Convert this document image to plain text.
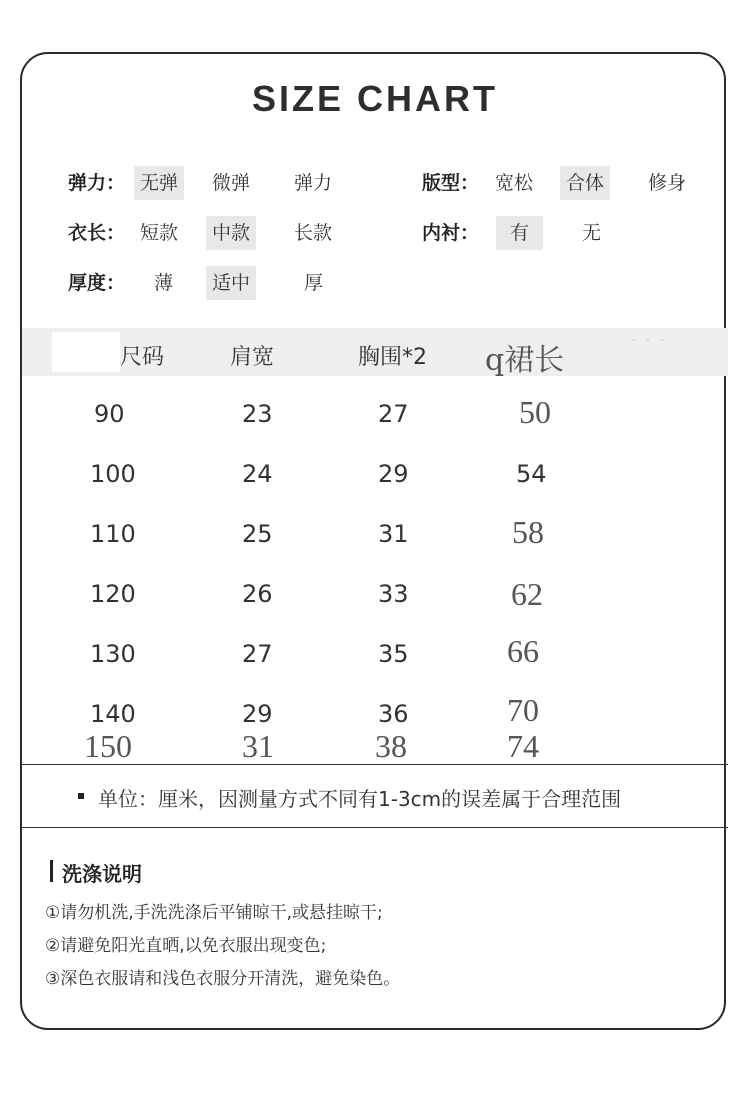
SIZE CHART
弹力： 无弹	微弹	弹力	版型： 宽松	合体	修身
衣长： 短款	中款	长款	内衬：	有	无
厚度：	薄	适中	厚
尺码	肩宽	胸围*2 q裙长
· · ·
90	23	27	50
100	24	29	54
110	25	31	58
120	26	33	62
130	27	35	66
140	29	36	70
150	31	38	74
单位：厘米，因测量方式不同有1-3cm的误差属于合理范围
洗涤说明
①请勿机洗,手洗洗涤后平铺晾干,或悬挂晾干;
②请避免阳光直晒,以免衣服出现变色;
③深色衣服请和浅色衣服分开清洗，避免染色。
